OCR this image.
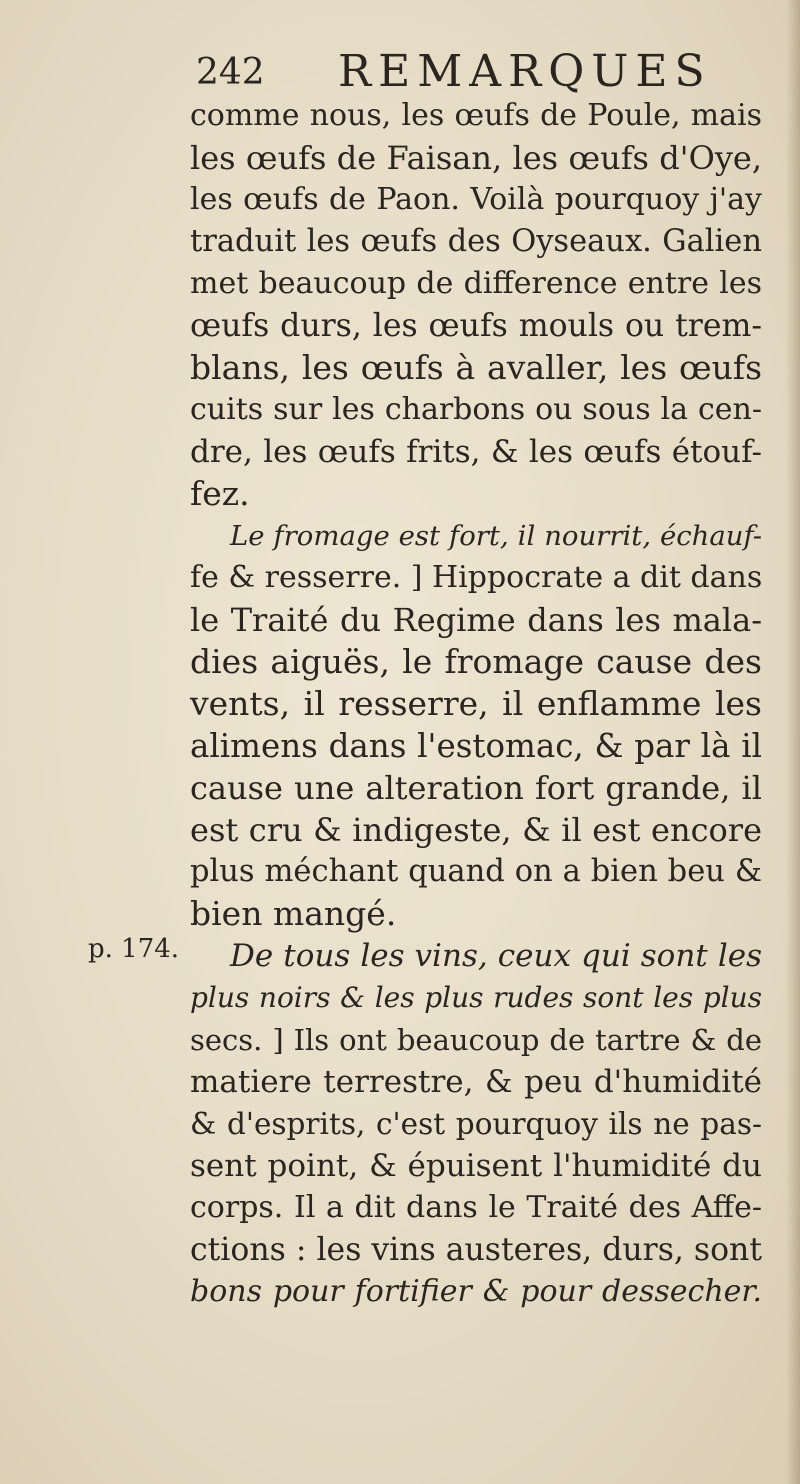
242 REMARQUES
p. 174.
comme nous, les œufs de Poule, mais
les œufs de Faisan, les œufs d'Oye,
les œufs de Paon. Voilà pourquoy j'ay
traduit les œufs des Oyseaux. Galien
met beaucoup de difference entre les
œufs durs, les œufs mouls ou trem-
blans, les œufs à avaller, les œufs
cuits sur les charbons ou sous la cen-
dre, les œufs frits, & les œufs étouf-
fez.
Le fromage est fort, il nourrit, échauf-
fe & resserre. ] Hippocrate a dit dans
le Traité du Regime dans les mala-
dies aiguës, le fromage cause des
vents, il resserre, il enflamme les
alimens dans l'estomac, & par là il
cause une alteration fort grande, il
est cru & indigeste, & il est encore
plus méchant quand on a bien beu &
bien mangé.
De tous les vins, ceux qui sont les
plus noirs & les plus rudes sont les plus
secs. ] Ils ont beaucoup de tartre & de
matiere terrestre, & peu d'humidité
& d'esprits, c'est pourquoy ils ne pas-
sent point, & épuisent l'humidité du
corps. Il a dit dans le Traité des Affe-
ctions : les vins austeres, durs, sont
bons pour fortifier & pour dessecher.
